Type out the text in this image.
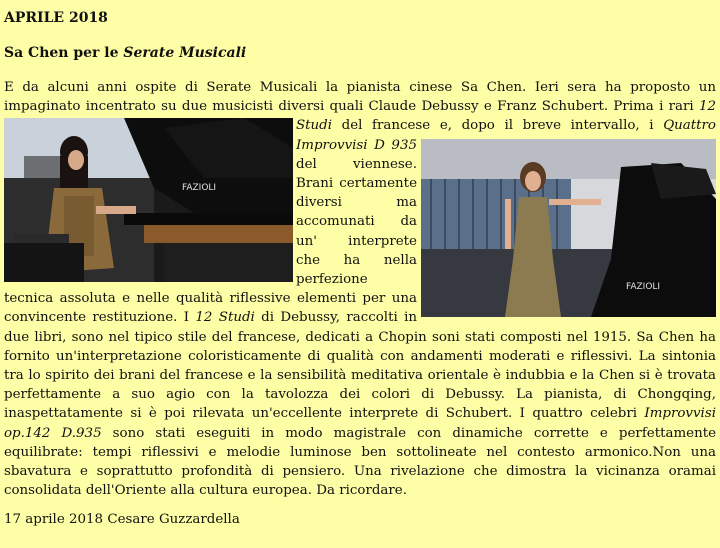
APRILE 2018
Sa Chen per le Serate Musicali
E da alcuni anni ospite di Serate Musicali la pianista cinese Sa Chen. Ieri sera ha proposto un impaginato incentrato su due musicisti diversi quali Claude Debussy e Franz Schubert. Prima i rari
FAZIOLI
12 Studi del francese e, dopo il breve intervallo, i Quattro Improvvisi D 935
FAZIOLI
del viennese. Brani certamente diversi ma accomunati da un' interprete che ha nella perfezione tecnica assoluta e nelle qualità riflessive elementi per una convincente restituzione. I 12 Studi di Debussy, raccolti in due libri, sono nel tipico stile del francese, dedicati a Chopin soni stati composti nel 1915. Sa Chen ha fornito un'interpretazione coloristicamente di qualità con andamenti moderati e riflessivi. La sintonia tra lo spirito dei brani del francese e la sensibilità meditativa orientale è indubbia e la Chen si è trovata perfettamente a suo agio con la tavolozza dei colori di Debussy. La pianista, di Chongqing, inaspettatamente si è poi rilevata un'eccellente interprete di Schubert. I quattro celebri Improvvisi op.142 D.935 sono stati eseguiti in modo magistrale con dinamiche corrette e perfettamente equilibrate: tempi riflessivi e melodie luminose ben sottolineate nel contesto armonico.Non una sbavatura e soprattutto profondità di pensiero. Una rivelazione che dimostra la vicinanza oramai consolidata dell'Oriente alla cultura europea. Da ricordare.
17 aprile 2018 Cesare Guzzardella
